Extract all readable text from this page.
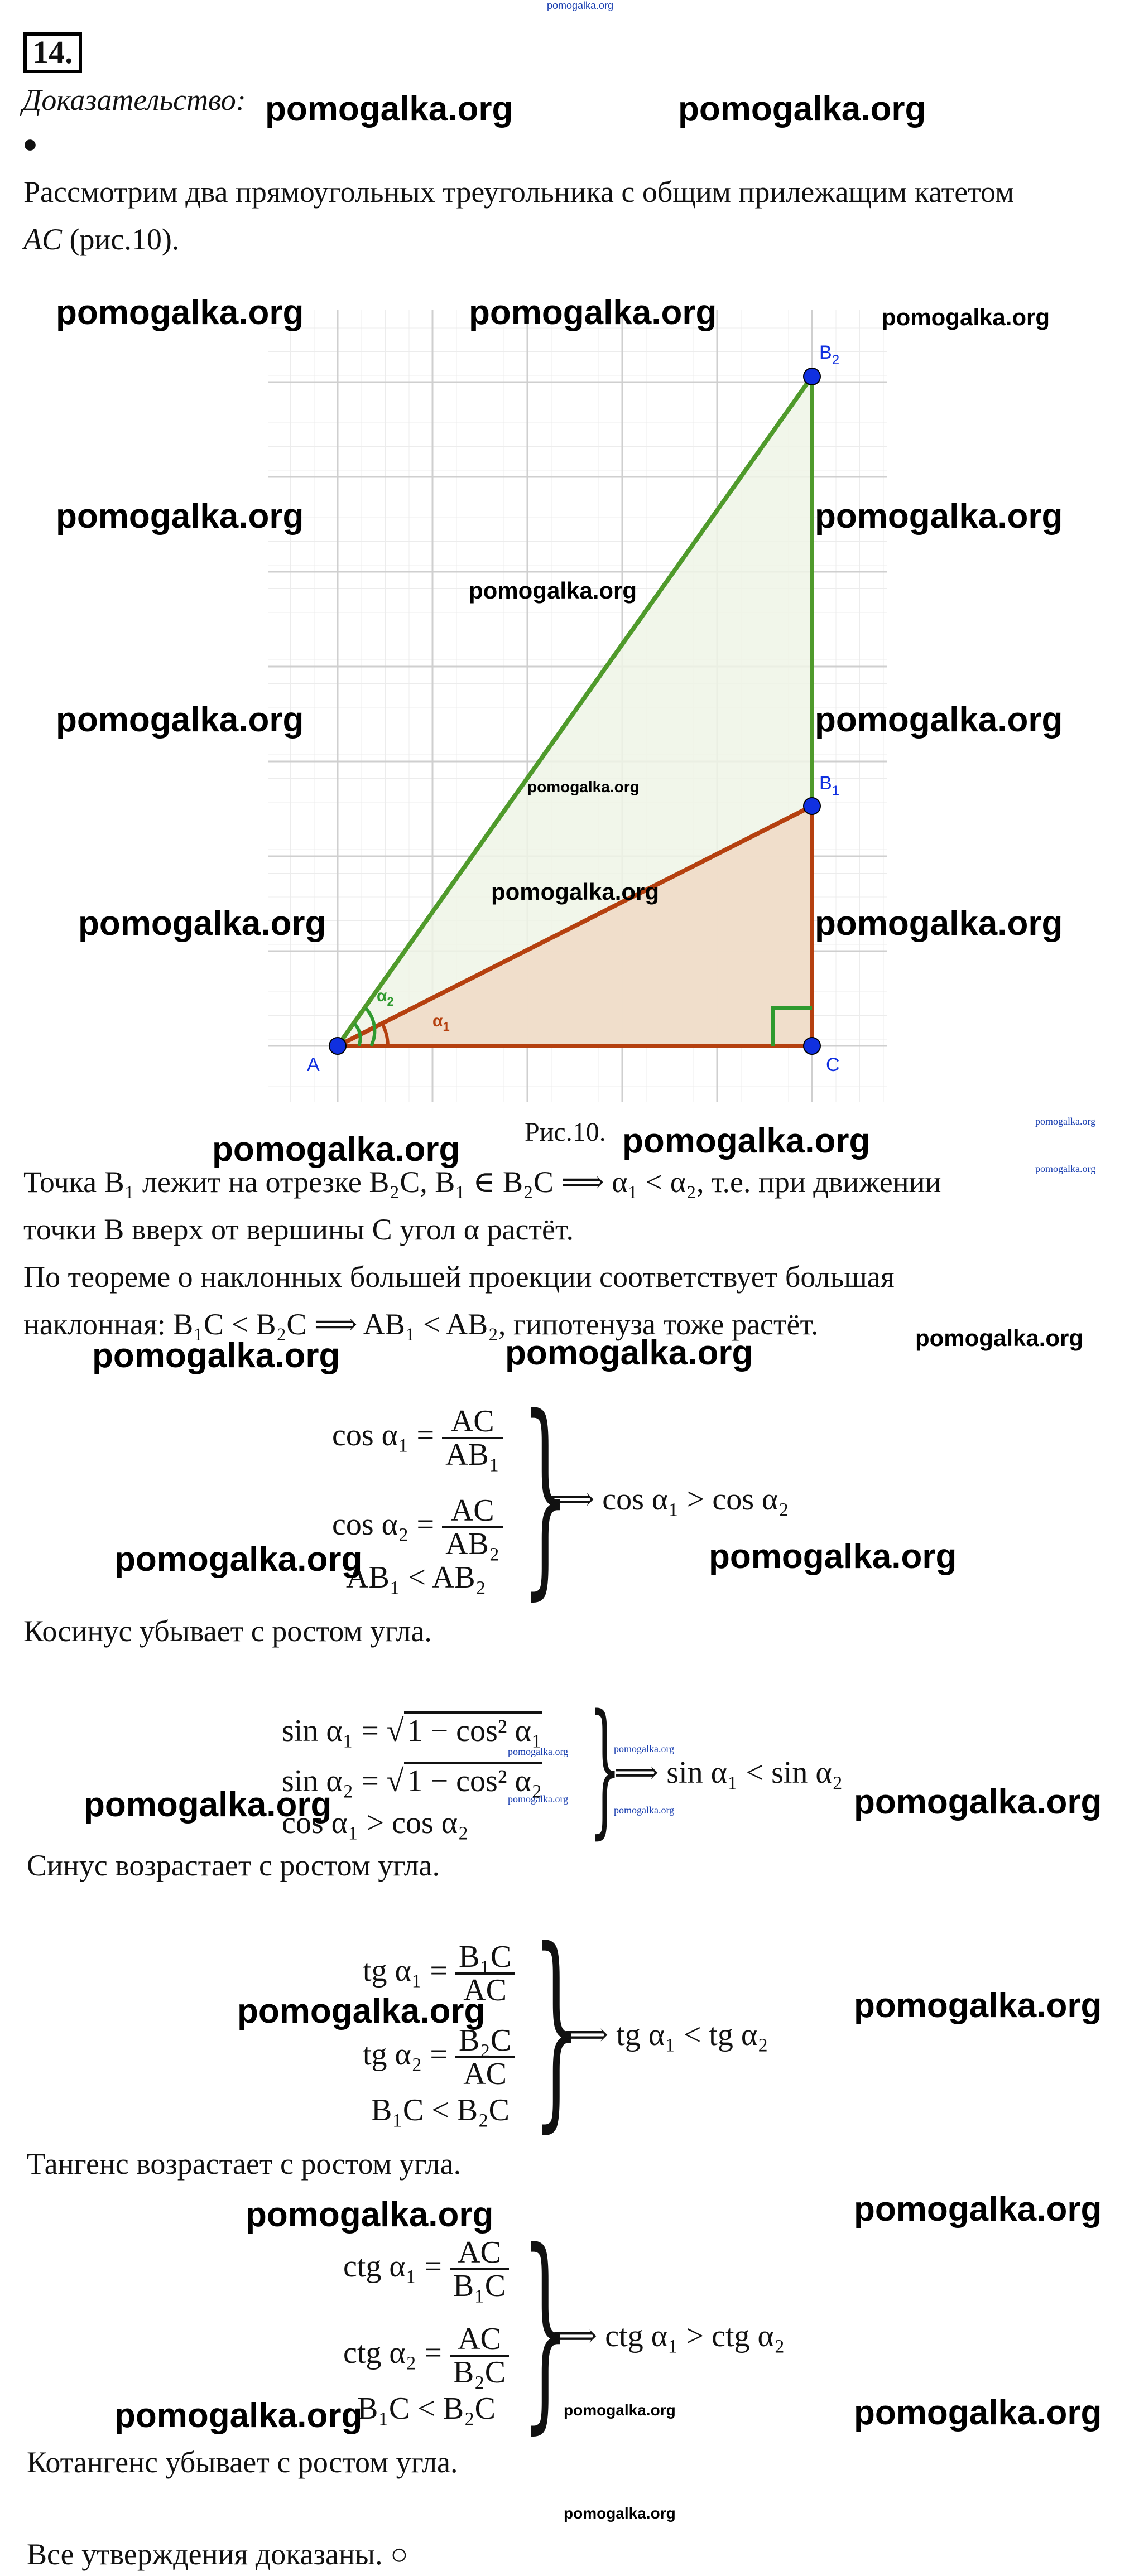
pomogalka.org
14.
Доказательство:
●
Рассмотрим два прямоугольных треугольника с общим прилежащим катетом
AC (рис.10).
A	C
$B_1$
$B_2$
$\alpha_1$
$\alpha_2$
Рис.10.
Точка B₁ лежит на отрезке B₂C, B₁ ∈ B₂C ⟹ α₁ < α₂, т.е. при движении
точки B вверх от вершины C угол α растёт.
По теореме о наклонных большей проекции соответствует большая
наклонная: B₁C < B₂C ⟹ AB₁ < AB₂, гипотенуза тоже растёт.
$\cos \alpha_1 = \frac{AC}{\text{AB₁}}$
$\cos \alpha_2 = \frac{AC}{\text{AB₂}}$
AB₁ < AB₂ }
⟹ cos α₁ > cos α₂
Косинус убывает с ростом угла.
sin α₁ = √ 1 − cos² α₁
sin α₂ = √ 1 − cos² α₂
cos α₁ > cos α₂ }
⟹ sin α₁ < sin α₂
Синус возрастает с ростом угла.
tg $\alpha_1 = \frac{\text{B₁C}}{AC}$
tg $\alpha_2 = \frac{\text{B₂C}}{AC}$
B₁C < B₂C }
⟹ tg α₁ < tg α₂
Тангенс возрастает с ростом угла.
ctg $\alpha_1 = \frac{AC}{\text{B₁C}}$
ctg $\alpha_2 = \frac{AC}{\text{B₂C}}$
B₁C < B₂C }
⟹ ctg α₁ > ctg α₂
Котангенс убывает с ростом угла.
Все утверждения доказаны. ○
pomogalka.org	pomogalka.org
pomogalka.org	pomogalka.org	pomogalka.org
pomogalka.org	pomogalka.org
pomogalka.org
pomogalka.org	pomogalka.org
pomogalka.org
pomogalka.org
pomogalka.org	pomogalka.org
pomogalka.org	pomogalka.org
pomogalka.org
pomogalka.org
pomogalka.org
pomogalka.org	pomogalka.org
pomogalka.org	pomogalka.org
pomogalka.org	pomogalka.org
pomogalka.org
pomogalka.org
pomogalka.org	pomogalka.org
pomogalka.org	pomogalka.org
pomogalka.org	pomogalka.org
pomogalka.org	pomogalka.org	pomogalka.org
pomogalka.org
